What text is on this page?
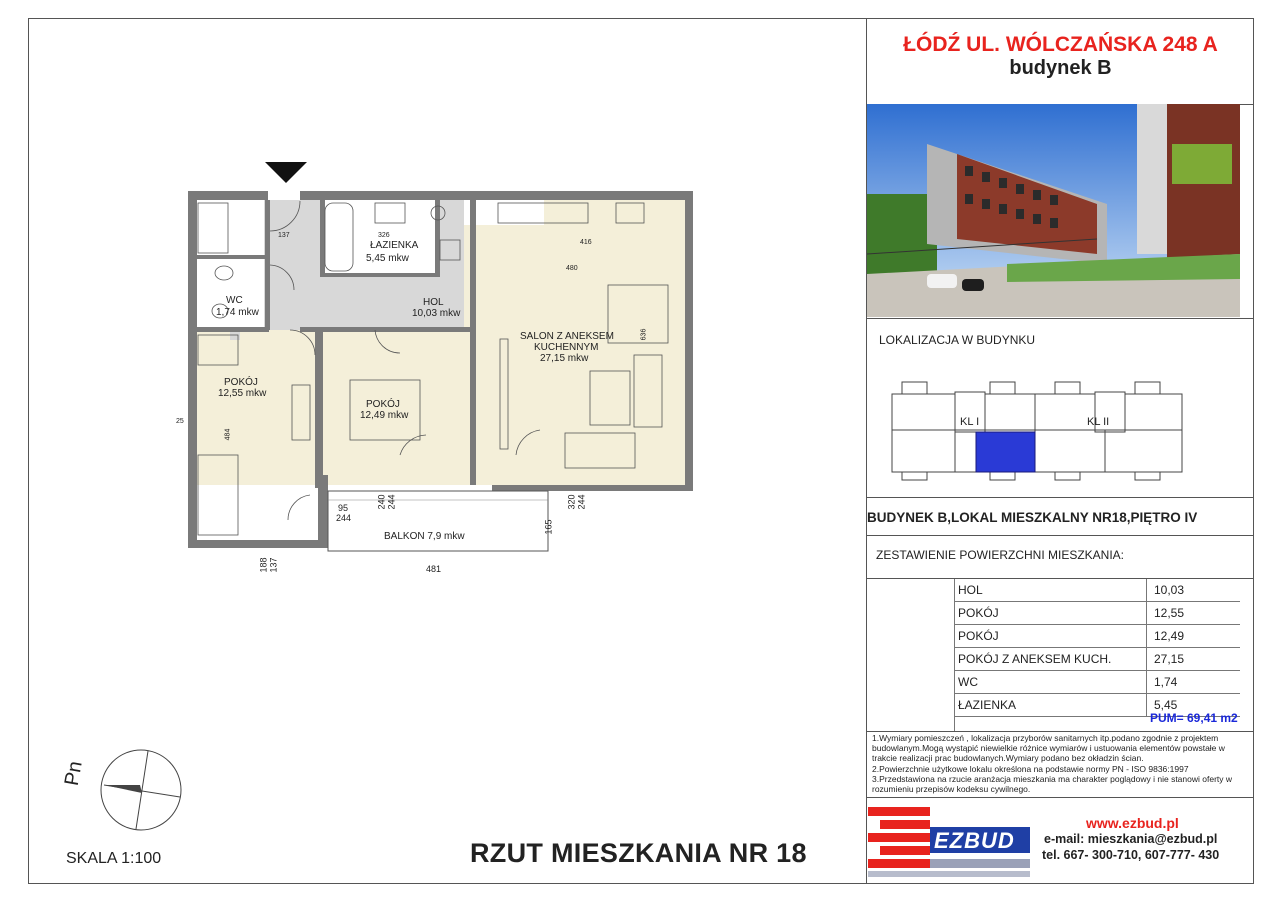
ŁÓDŹ UL. WÓLCZAŃSKA 248 A
budynek B
LOKALIZACJA W BUDYNKU
KL I	KL II
BUDYNEK B,LOKAL MIESZKALNY NR18,PIĘTRO IV
ZESTAWIENIE POWIERZCHNI MIESZKANIA:
HOL	10,03
POKÓJ	12,55
POKÓJ	12,49
POKÓJ Z ANEKSEM KUCH.	27,15
WC	1,74
ŁAZIENKA	5,45
PUM= 69,41 m2
1.Wymiary pomieszczeń , lokalizacja przyborów sanitarnych itp.podano zgodnie z projektem budowlanym.Mogą wystąpić niewielkie różnice wymiarów i ustuowania elementów powstałe w trakcie realizacji prac budowlanych.Wymiary podano bez okładzin ścian.
2.Powierzchnie użytkowe lokalu określona na podstawie normy PN - ISO 9836:1997
3.Przedstawiona na rzucie aranżacja mieszkania ma charakter poglądowy i nie stanowi oferty w rozumieniu przepisów kodeksu cywilnego.
EZBUD
www.ezbud.pl
e-mail: mieszkania@ezbud.pl
tel. 667- 300-710, 607-777- 430
ŁAZIENKA
5,45 mkw
WC
1,74 mkw
HOL
10,03 mkw
SALON Z ANEKSEM
KUCHENNYM
27,15 mkw
POKÓJ
12,55 mkw
POKÓJ
12,49 mkw
BALKON 7,9 mkw
326
137
416
480
481
95
244
240 244	320 244
165
188 137
25
636
484
Pn
RZUT MIESZKANIA NR 18
SKALA 1:100
